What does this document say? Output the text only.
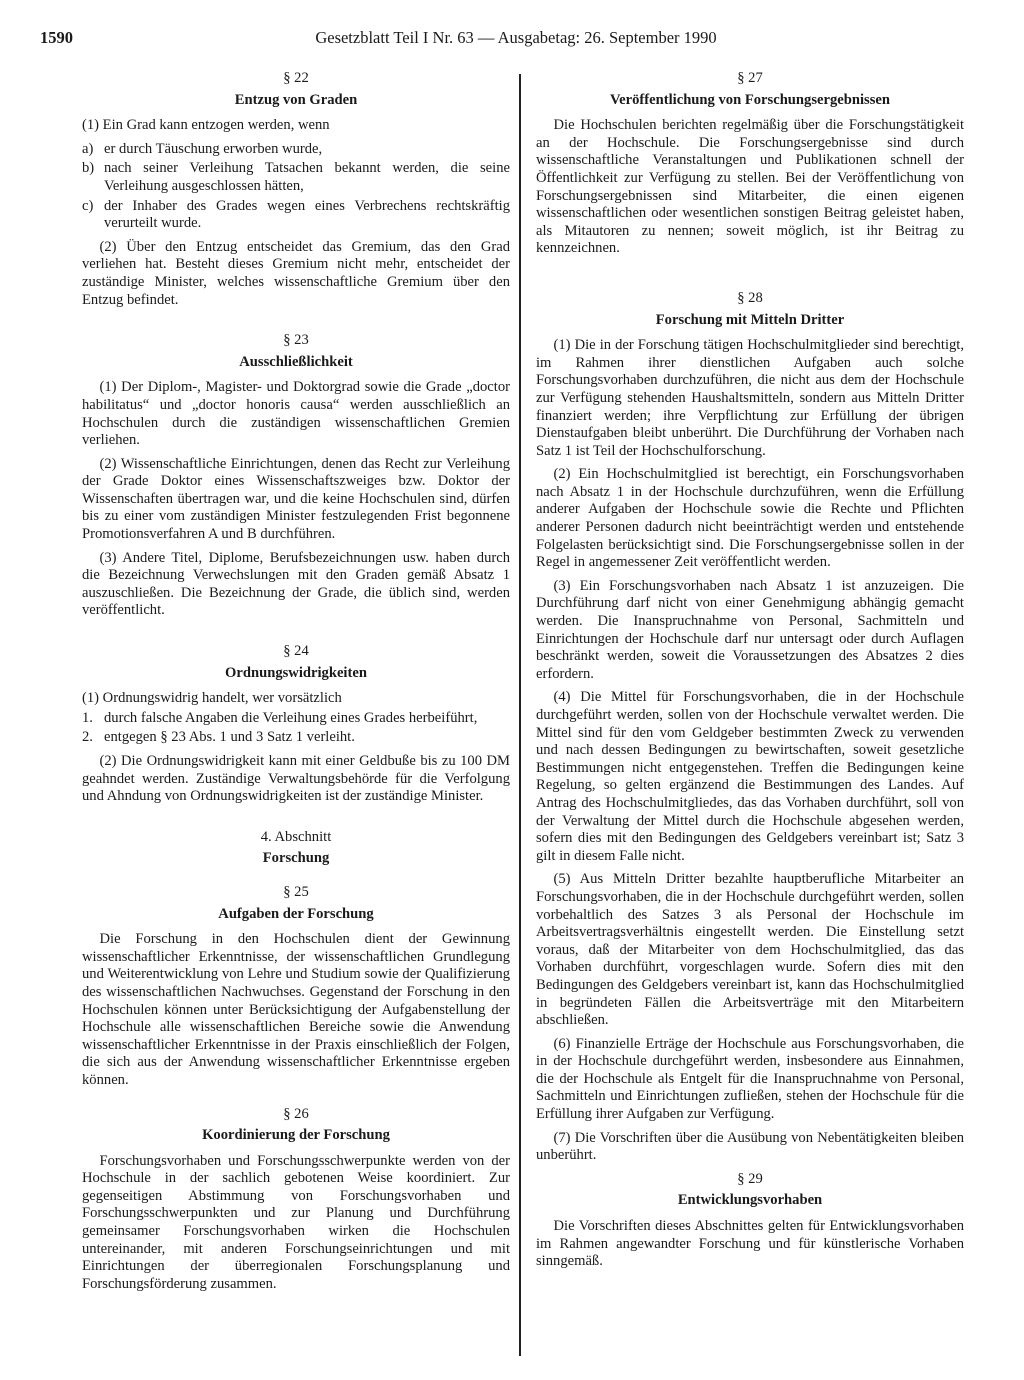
1590	Gesetzblatt Teil I Nr. 63 — Ausgabetag: 26. September 1990
§ 22
Entzug von Graden

(1) Ein Grad kann entzogen werden, wenn

a) er durch Täuschung erworben wurde,
b) nach seiner Verleihung Tatsachen bekannt werden, die seine Verleihung ausgeschlossen hätten,
c) der Inhaber des Grades wegen eines Verbrechens rechtskräftig verurteilt wurde.

(2) Über den Entzug entscheidet das Gremium, das den Grad verliehen hat. Besteht dieses Gremium nicht mehr, entscheidet der zuständige Minister, welches wissenschaftliche Gremium über den Entzug befindet.

§ 23
Ausschließlichkeit

(1) Der Diplom-, Magister- und Doktorgrad sowie die Grade „doctor habilitatus“ und „doctor honoris causa“ werden ausschließlich an Hochschulen durch die zuständigen wissenschaftlichen Gremien verliehen.

(2) Wissenschaftliche Einrichtungen, denen das Recht zur Verleihung der Grade Doktor eines Wissenschaftszweiges bzw. Doktor der Wissenschaften übertragen war, und die keine Hochschulen sind, dürfen bis zu einer vom zuständigen Minister festzulegenden Frist begonnene Promotionsverfahren A und B durchführen.

(3) Andere Titel, Diplome, Berufsbezeichnungen usw. haben durch die Bezeichnung Verwechslungen mit den Graden gemäß Absatz 1 auszuschließen. Die Bezeichnung der Grade, die üblich sind, werden veröffentlicht.

§ 24
Ordnungswidrigkeiten

(1) Ordnungswidrig handelt, wer vorsätzlich

1. durch falsche Angaben die Verleihung eines Grades herbeiführt,
2. entgegen § 23 Abs. 1 und 3 Satz 1 verleiht.

(2) Die Ordnungswidrigkeit kann mit einer Geldbuße bis zu 100 DM geahndet werden. Zuständige Verwaltungsbehörde für die Verfolgung und Ahndung von Ordnungswidrigkeiten ist der zuständige Minister.

4. Abschnitt
Forschung
§ 25
Aufgaben der Forschung

Die Forschung in den Hochschulen dient der Gewinnung wissenschaftlicher Erkenntnisse, der wissenschaftlichen Grundlegung und Weiterentwicklung von Lehre und Studium sowie der Qualifizierung des wissenschaftlichen Nachwuchses. Gegenstand der Forschung in den Hochschulen können unter Berücksichtigung der Aufgabenstellung der Hochschule alle wissenschaftlichen Bereiche sowie die Anwendung wissenschaftlicher Erkenntnisse in der Praxis einschließlich der Folgen, die sich aus der Anwendung wissenschaftlicher Erkenntnisse ergeben können.

§ 26
Koordinierung der Forschung

Forschungsvorhaben und Forschungsschwerpunkte werden von der Hochschule in der sachlich gebotenen Weise koordiniert. Zur gegenseitigen Abstimmung von Forschungsvorhaben und Forschungsschwerpunkten und zur Planung und Durchführung gemeinsamer Forschungsvorhaben wirken die Hochschulen untereinander, mit anderen Forschungseinrichtungen und mit Einrichtungen der überregionalen Forschungsplanung und Forschungsförderung zusammen.

§ 27
Veröffentlichung von Forschungsergebnissen

Die Hochschulen berichten regelmäßig über die Forschungstätigkeit an der Hochschule. Die Forschungsergebnisse sind durch wissenschaftliche Veranstaltungen und Publikationen schnell der Öffentlichkeit zur Verfügung zu stellen. Bei der Veröffentlichung von Forschungsergebnissen sind Mitarbeiter, die einen eigenen wissenschaftlichen oder wesentlichen sonstigen Beitrag geleistet haben, als Mitautoren zu nennen; soweit möglich, ist ihr Beitrag zu kennzeichnen.

§ 28
Forschung mit Mitteln Dritter

(1) Die in der Forschung tätigen Hochschulmitglieder sind berechtigt, im Rahmen ihrer dienstlichen Aufgaben auch solche Forschungsvorhaben durchzuführen, die nicht aus dem der Hochschule zur Verfügung stehenden Haushaltsmitteln, sondern aus Mitteln Dritter finanziert werden; ihre Verpflichtung zur Erfüllung der übrigen Dienstaufgaben bleibt unberührt. Die Durchführung der Vorhaben nach Satz 1 ist Teil der Hochschulforschung.

(2) Ein Hochschulmitglied ist berechtigt, ein Forschungsvorhaben nach Absatz 1 in der Hochschule durchzuführen, wenn die Erfüllung anderer Aufgaben der Hochschule sowie die Rechte und Pflichten anderer Personen dadurch nicht beeinträchtigt werden und entstehende Folgelasten berücksichtigt sind. Die Forschungsergebnisse sollen in der Regel in angemessener Zeit veröffentlicht werden.

(3) Ein Forschungsvorhaben nach Absatz 1 ist anzuzeigen. Die Durchführung darf nicht von einer Genehmigung abhängig gemacht werden. Die Inanspruchnahme von Personal, Sachmitteln und Einrichtungen der Hochschule darf nur untersagt oder durch Auflagen beschränkt werden, soweit die Voraussetzungen des Absatzes 2 dies erfordern.

(4) Die Mittel für Forschungsvorhaben, die in der Hochschule durchgeführt werden, sollen von der Hochschule verwaltet werden. Die Mittel sind für den vom Geldgeber bestimmten Zweck zu verwenden und nach dessen Bedingungen zu bewirtschaften, soweit gesetzliche Bestimmungen nicht entgegenstehen. Treffen die Bedingungen keine Regelung, so gelten ergänzend die Bestimmungen des Landes. Auf Antrag des Hochschulmitgliedes, das das Vorhaben durchführt, soll von der Verwaltung der Mittel durch die Hochschule abgesehen werden, sofern dies mit den Bedingungen des Geldgebers vereinbart ist; Satz 3 gilt in diesem Falle nicht.

(5) Aus Mitteln Dritter bezahlte hauptberufliche Mitarbeiter an Forschungsvorhaben, die in der Hochschule durchgeführt werden, sollen vorbehaltlich des Satzes 3 als Personal der Hochschule im Arbeitsvertragsverhältnis eingestellt werden. Die Einstellung setzt voraus, daß der Mitarbeiter von dem Hochschulmitglied, das das Vorhaben durchführt, vorgeschlagen wurde. Sofern dies mit den Bedingungen des Geldgebers vereinbart ist, kann das Hochschulmitglied in begründeten Fällen die Arbeitsverträge mit den Mitarbeitern abschließen.

(6) Finanzielle Erträge der Hochschule aus Forschungsvorhaben, die in der Hochschule durchgeführt werden, insbesondere aus Einnahmen, die der Hochschule als Entgelt für die Inanspruchnahme von Personal, Sachmitteln und Einrichtungen zufließen, stehen der Hochschule für die Erfüllung ihrer Aufgaben zur Verfügung.

(7) Die Vorschriften über die Ausübung von Nebentätigkeiten bleiben unberührt.

§ 29
Entwicklungsvorhaben

Die Vorschriften dieses Abschnittes gelten für Entwicklungsvorhaben im Rahmen angewandter Forschung und für künstlerische Vorhaben sinngemäß.
